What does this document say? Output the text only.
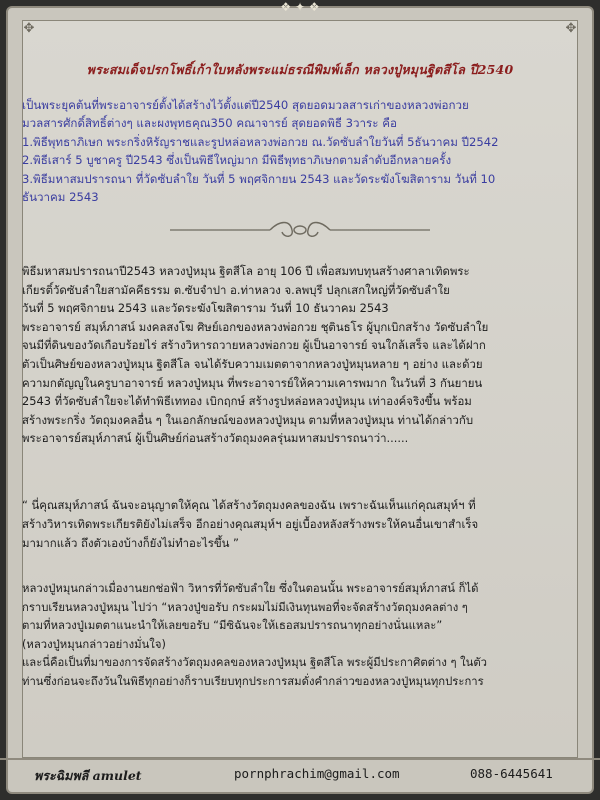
❖ ✦ ❖
✥	✥
พระสมเด็จปรกโพธิ์เก้าใบหลังพระแม่ธรณีพิมพ์เล็ก หลวงปู่หมุนฐิตสีโล ปี2540

เป็นพระยุคต้นที่พระอาจารย์ตั้งได้สร้างไว้ตั้งแต่ปี2540 สุดยอดมวลสารเก่าของหลวงพ่อกวย

มวลสารศักดิ์สิทธิ์ต่างๆ และผงพุทธคุณ350 คณาจารย์ สุดยอดพิธี 3วาระ คือ

1.พิธีพุทธาภิเษก พระกริ่งหิรัญราชและรูปหล่อหลวงพ่อกวย ณ.วัดซับลำใยวันที่ 5ธันวาคม ปี2542

2.พิธีเสาร์ 5 บูชาครู ปี2543 ซึ่งเป็นพิธีใหญ่มาก มีพิธีพุทธาภิเษกตามลำดับอีกหลายครั้ง

3.พิธีมหาสมปรารถนา ที่วัดซับลำใย วันที่ 5 พฤศจิกายน 2543 และวัดระฆังโฆสิตาราม วันที่ 10

ธันวาคม 2543

พิธีมหาสมปรารถนาปี2543 หลวงปู่หมุน ฐิตสีโล อายุ 106 ปี เพื่อสมทบทุนสร้างศาลาเทิดพระ

เกียรติ์วัดซับลำใยสามัคคีธรรม ต.ซับจำปา อ.ท่าหลวง จ.ลพบุรี ปลุกเสกใหญ่ที่วัดซับลำใย

วันที่ 5 พฤศจิกายน 2543 และวัดระฆังโฆสิตาราม วันที่ 10 ธันวาคม 2543

พระอาจารย์ สมุห์ภาสน์ มงคลสงโฆ ศิษย์เอกของหลวงพ่อกวย ชุตินธโร ผู้บุกเบิกสร้าง วัดซับลำใย

จนมีที่ดินของวัดเกือบร้อยไร่ สร้างวิหารถวายหลวงพ่อกวย ผู้เป็นอาจารย์ จนใกล้เสร็จ และได้ฝาก

ตัวเป็นศิษย์ของหลวงปู่หมุน ฐิตสีโล จนได้รับความเมตตาจากหลวงปู่หมุนหลาย ๆ อย่าง และด้วย

ความกตัญญูในครูบาอาจารย์ หลวงปู่หมุน ที่พระอาจารย์ให้ความเคารพมาก ในวันที่ 3 กันยายน

2543 ที่วัดซับลำใยจะได้ทำพิธีเททอง เบิกฤกษ์ สร้างรูปหล่อหลวงปู่หมุน เท่าองค์จริงขึ้น พร้อม

สร้างพระกริ่ง วัตถุมงคลอื่น ๆ ในเอกลักษณ์ของหลวงปู่หมุน ตามที่หลวงปู่หมุน ท่านได้กล่าวกับ

พระอาจารย์สมุห์ภาสน์ ผู้เป็นศิษย์ก่อนสร้างวัตถุมงคลรุ่นมหาสมปรารถนาว่า......

“ นี่คุณสมุห์ภาสน์ ฉันจะอนุญาตให้คุณ ได้สร้างวัตถุมงคลของฉัน เพราะฉันเห็นแก่คุณสมุห์ฯ ที่

สร้างวิหารเทิดพระเกียรติยังไม่เสร็จ อีกอย่างคุณสมุห์ฯ อยู่เบื้องหลังสร้างพระให้คนอื่นเขาสำเร็จ

มามากแล้ว ถึงตัวเองบ้างก็ยังไม่ทำอะไรขึ้น ”

หลวงปู่หมุนกล่าวเมื่องานยกช่อฟ้า วิหารที่วัดซับลำใย ซึ่งในตอนนั้น พระอาจารย์สมุห์ภาสน์ ก็ได้

กราบเรียนหลวงปู่หมุน ไปว่า “หลวงปู่ขอรับ กระผมไม่มีเงินทุนพอที่จะจัดสร้างวัตถุมงคลต่าง ๆ

ตามที่หลวงปู่เมตตาแนะนำให้เลยขอรับ “มีซิฉันจะให้เธอสมปรารถนาทุกอย่างนั่นแหละ”

(หลวงปู่หมุนกล่าวอย่างมั่นใจ)

และนี่คือเป็นที่มาของการจัดสร้างวัตถุมงคลของหลวงปู่หมุน ฐิตสีโล พระผู้มีประกาศิตต่าง ๆ ในตัว

ท่านซึ่งก่อนจะถึงวันในพิธีทุกอย่างก็ราบเรียบทุกประการสมดั่งคำกล่าวของหลวงปู่หมุนทุกประการ

พระฉิมพลี amulet	pornphrachim@gmail.com	088-6445641
